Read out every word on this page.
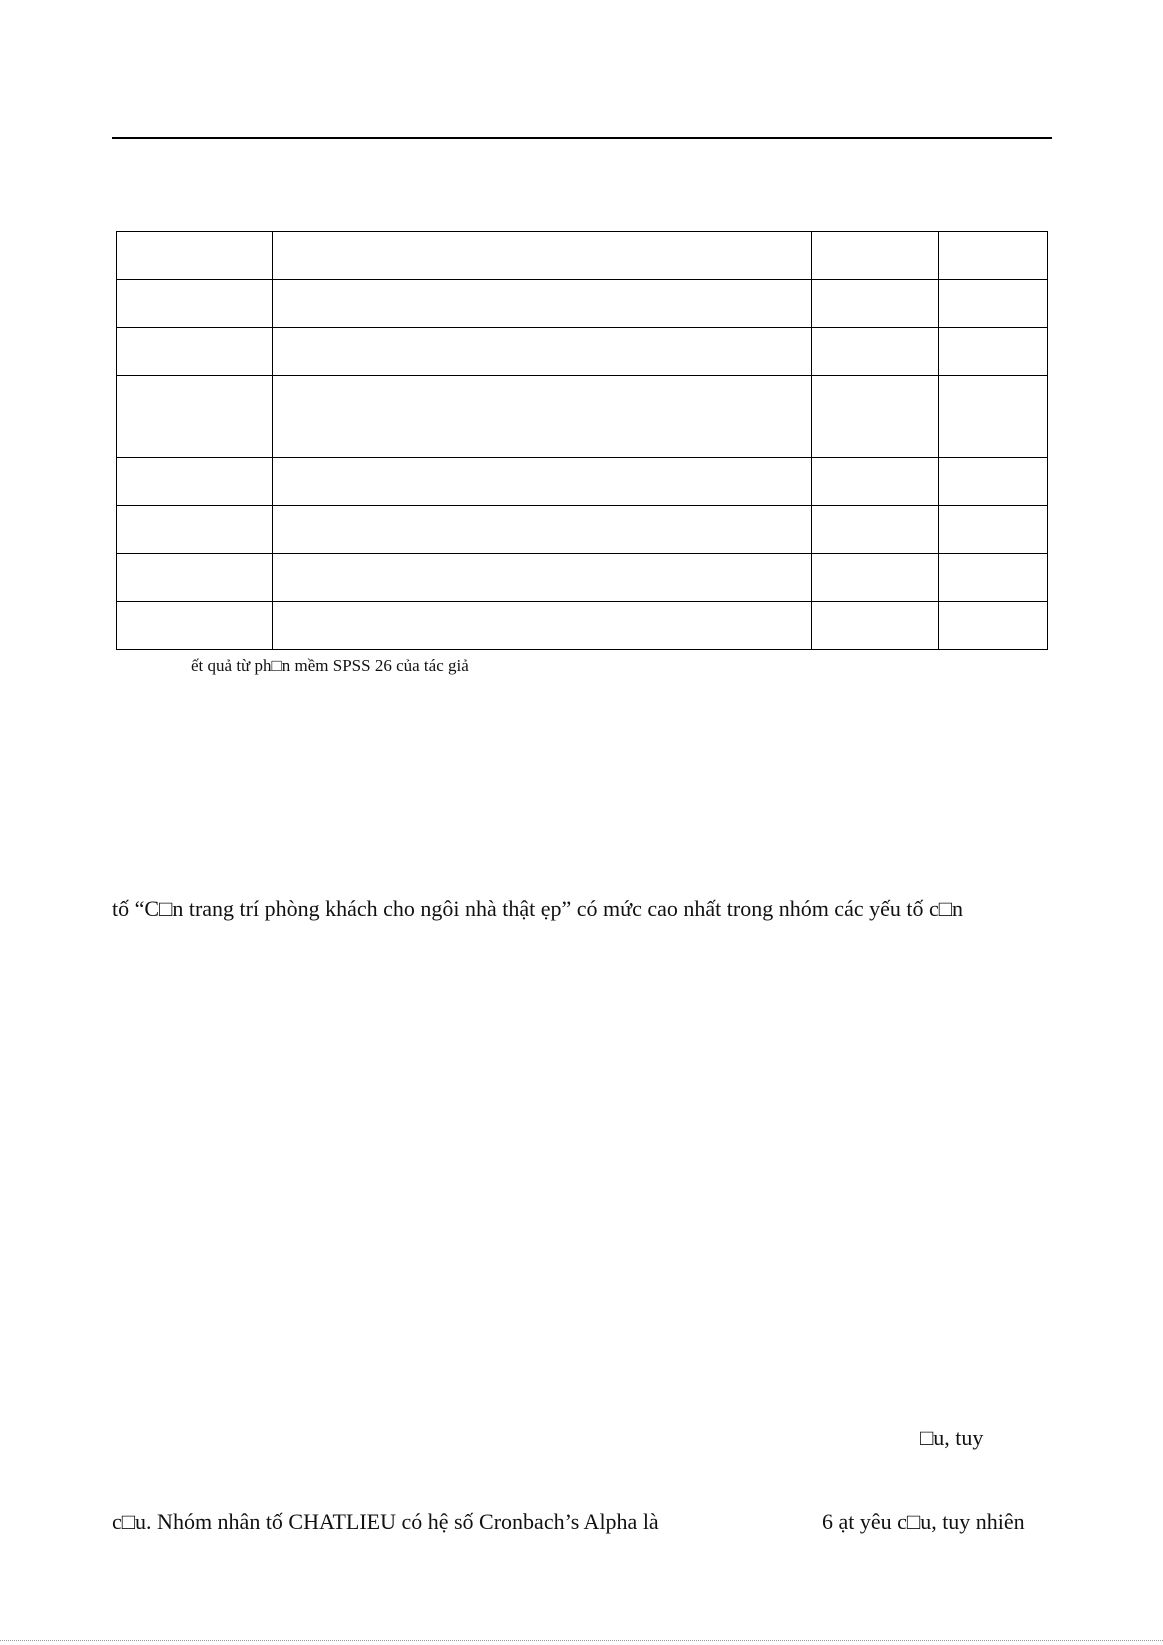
ết quả từ ph□n mềm SPSS 26 của tác giả
tố “C□n trang trí phòng khách cho ngôi nhà thật ẹp” có mức cao nhất trong nhóm các yếu tố c□n
□u, tuy
c□u. Nhóm nhân tố CHATLIEU có hệ số Cronbach’s Alpha là	6 ạt yêu c□u, tuy nhiên
